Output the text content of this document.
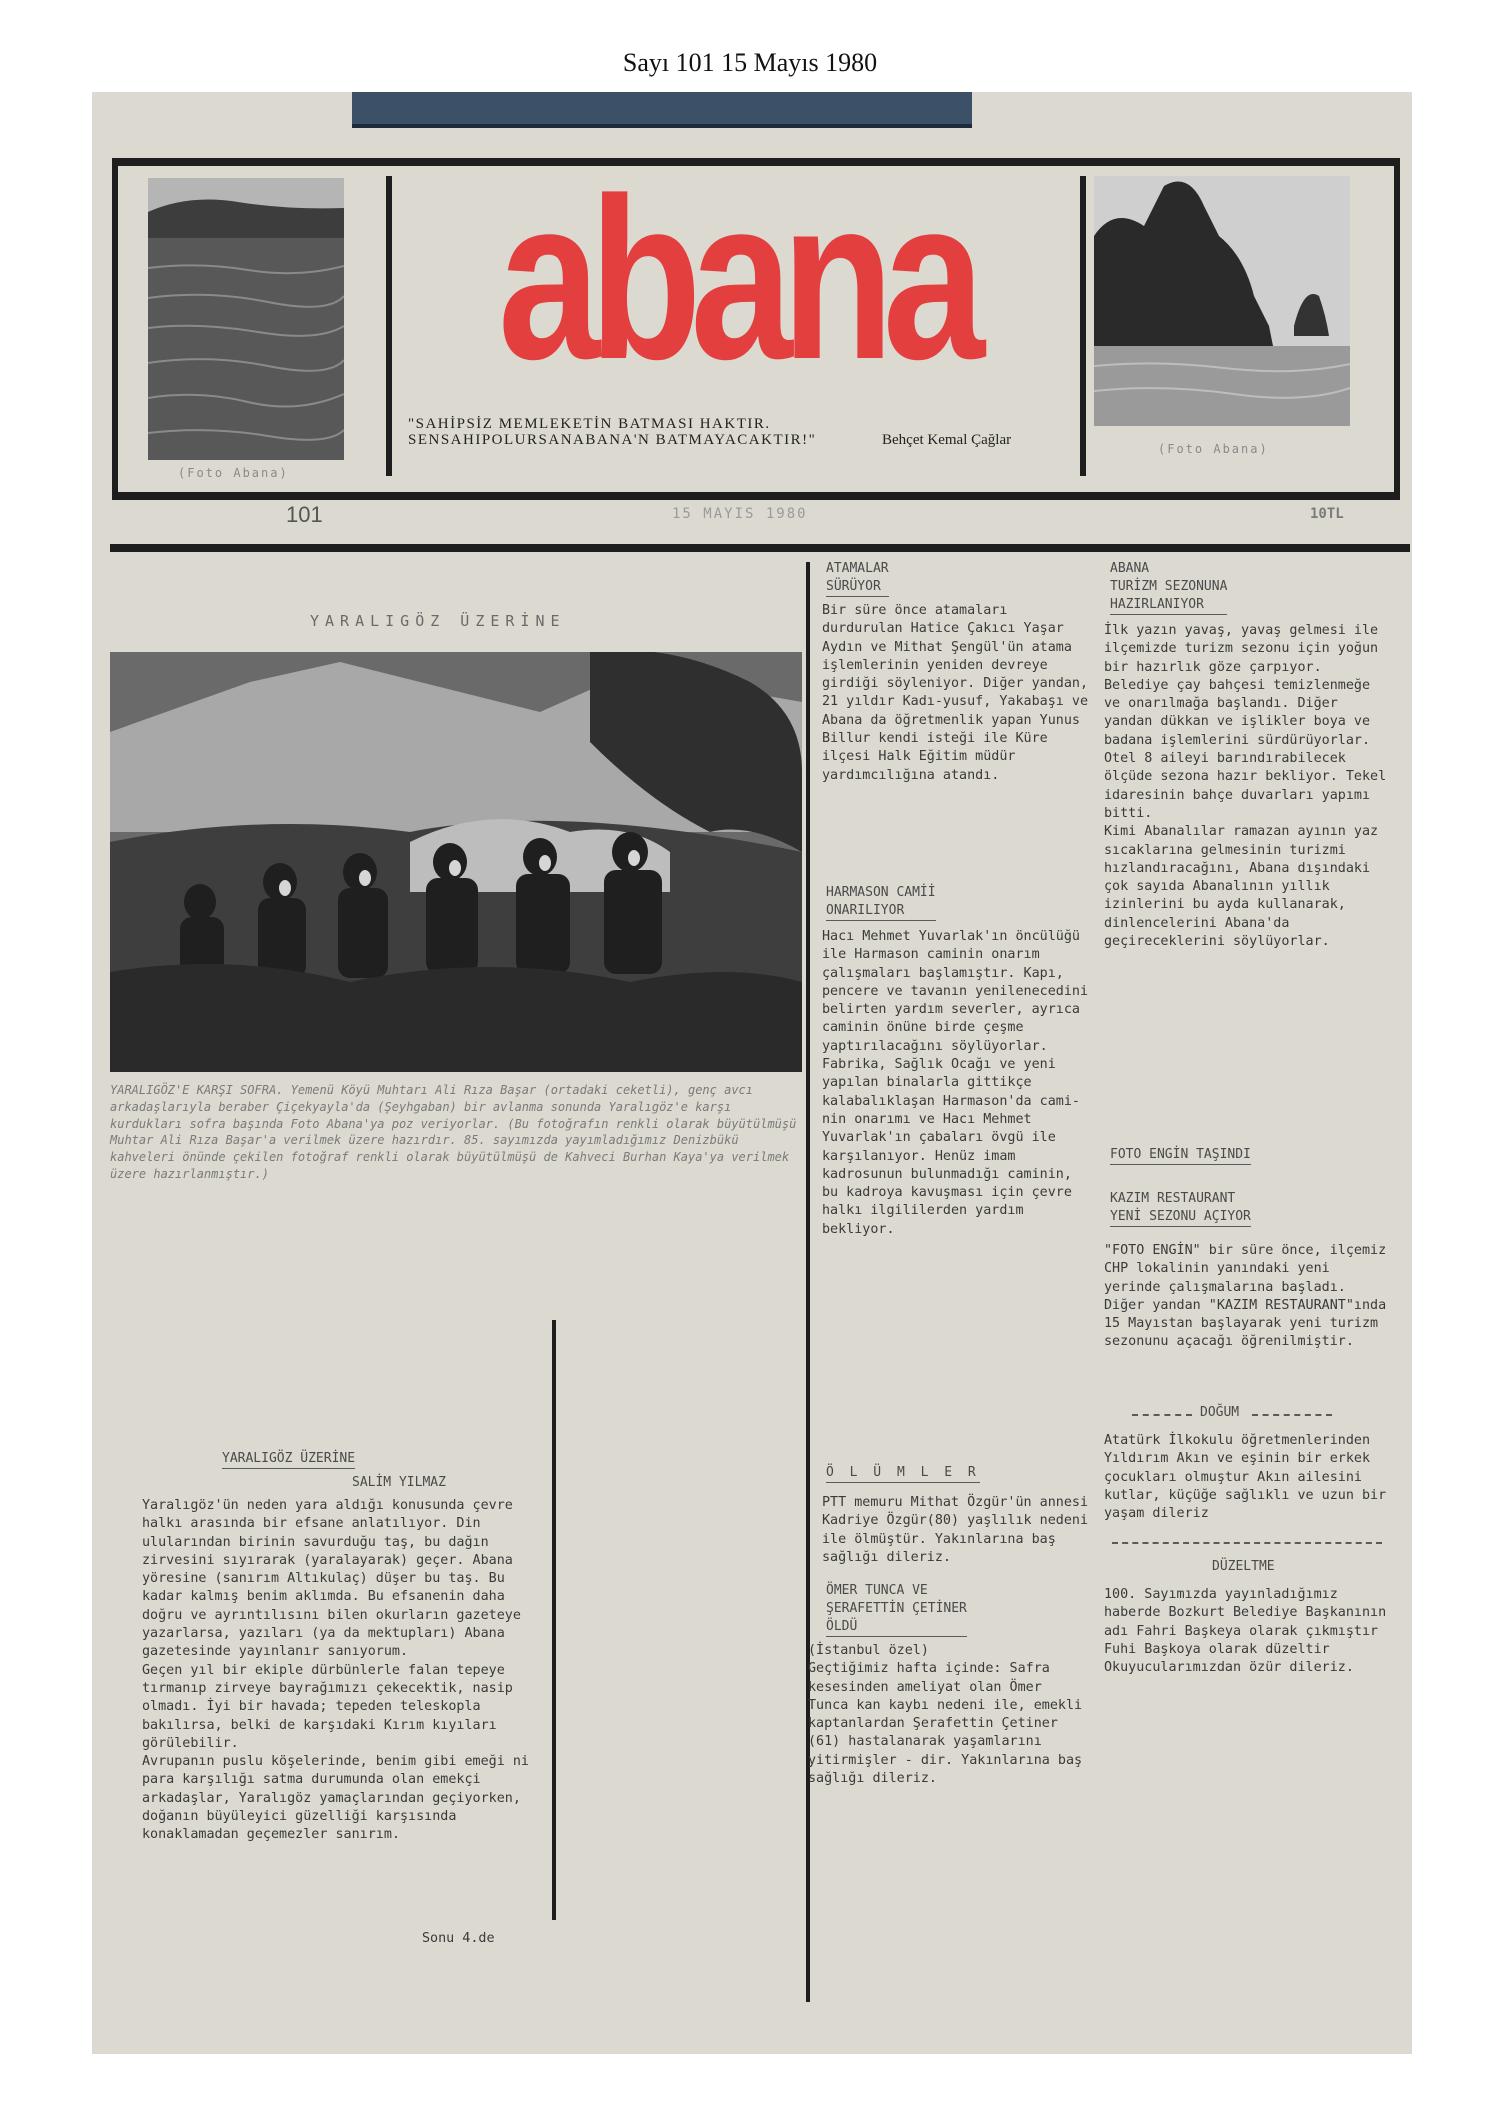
Sayı 101 15 Mayıs 1980
(Foto Abana)
abana
"SAHİPSİZ MEMLEKETİN BATMASI HAKTIR.
SENSAHIPOLURSANABANA'N BATMAYACAKTIR!"	Behçet Kemal Çağlar
(Foto Abana)
101	15 MAYIS 1980	10TL
YARALIGÖZ ÜZERİNE
YARALIGÖZ'E KARŞI SOFRA. Yemenü Köyü Muhtarı Ali Rıza Başar (ortadaki ceketli), genç avcı arkadaşlarıyla beraber Çiçekyayla'da (Şeyhgaban) bir avlanma sonunda Yaralıgöz'e karşı kurdukları sofra başında Foto Abana'ya poz veriyorlar. (Bu fotoğrafın renkli olarak büyütülmüşü Muhtar Ali Rıza Başar'a verilmek üzere hazırdır. 85. sayımızda yayımladığımız Denizbükü kahveleri önünde çekilen fotoğraf renkli olarak büyütülmüşü de Kahveci Burhan Kaya'ya verilmek üzere hazırlanmıştır.)
YARALIGÖZ ÜZERİNE
SALİM YILMAZ
Yaralıgöz'ün neden yara aldığı konusunda çevre halkı arasında bir efsane anlatılıyor. Din ulularından birinin savurduğu taş, bu dağın zirvesini sıyırarak (yaralayarak) geçer. Abana yöresine (sanırım Altıkulaç) düşer bu taş. Bu kadar kalmış benim aklımda. Bu efsanenin daha doğru ve ayrıntılısını bilen okurların gazeteye yazarlarsa, yazıları (ya da mektupları) Abana gazetesinde yayınlanır sanıyorum.
Geçen yıl bir ekiple dürbünlerle falan tepeye tırmanıp zirveye bayrağımızı çekecektik, nasip olmadı. İyi bir havada; tepeden teleskopla bakılırsa, belki de karşıdaki Kırım kıyıları görülebilir.
Avrupanın puslu köşelerinde, benim gibi emeği ni para karşılığı satma durumunda olan emekçi arkadaşlar, Yaralıgöz yamaçlarından geçiyorken, doğanın büyüleyici güzelliği karşısında konaklamadan geçemezler sanırım.
Sonu 4.de
ATAMALAR
SÜRÜYOR
Bir süre önce atamaları durdurulan Hatice Çakıcı Yaşar Aydın ve Mithat Şengül'ün atama işlemlerinin yeniden devreye girdiği söyleniyor. Diğer yandan, 21 yıldır Kadı-yusuf, Yakabaşı ve Abana da öğretmenlik yapan Yunus Billur kendi isteği ile Küre ilçesi Halk Eğitim müdür yardımcılığına atandı.
HARMASON CAMİİ
ONARILIYOR
Hacı Mehmet Yuvarlak'ın öncülüğü ile Harmason caminin onarım çalışmaları başlamıştır. Kapı, pencere ve tavanın yenilenecedini belirten yardım severler, ayrıca caminin önüne birde çeşme yaptırılacağını söylüyorlar.
Fabrika, Sağlık Ocağı ve yeni yapılan binalarla gittikçe kalabalıklaşan Harmason'da cami-nin onarımı ve Hacı Mehmet Yuvarlak'ın çabaları övgü ile karşılanıyor. Henüz imam kadrosunun bulunmadığı caminin, bu kadroya kavuşması için çevre halkı ilgililerden yardım bekliyor.
Ö L Ü M L E R
PTT memuru Mithat Özgür'ün annesi Kadriye Özgür(80) yaşlılık nedeni ile ölmüştür. Yakınlarına baş sağlığı dileriz.
ÖMER TUNCA VE
ŞERAFETTİN ÇETİNER
ÖLDÜ
(İstanbul özel)
Geçtiğimiz hafta içinde: Safra kesesinden ameliyat olan Ömer Tunca kan kaybı nedeni ile, emekli kaptanlardan Şerafettin Çetiner (61) hastalanarak yaşamlarını yitirmişler - dir. Yakınlarına baş sağlığı dileriz.
ABANA
TURİZM SEZONUNA
HAZIRLANIYOR
İlk yazın yavaş, yavaş gelmesi ile ilçemizde turizm sezonu için yoğun bir hazırlık göze çarpıyor. Belediye çay bahçesi temizlenmeğe ve onarılmağa başlandı. Diğer yandan dükkan ve işlikler boya ve badana işlemlerini sürdürüyorlar. Otel 8 aileyi barındırabilecek ölçüde sezona hazır bekliyor. Tekel idaresinin bahçe duvarları yapımı bitti.
Kimi Abanalılar ramazan ayının yaz sıcaklarına gelmesinin turizmi hızlandıracağını, Abana dışındaki çok sayıda Abanalının yıllık izinlerini bu ayda kullanarak, dinlencelerini Abana'da geçireceklerini söylüyorlar.
FOTO ENGİN TAŞINDI
KAZIM RESTAURANT
YENİ SEZONU AÇIYOR
"FOTO ENGİN" bir süre önce, ilçemiz CHP lokalinin yanındaki yeni yerinde çalışmalarına başladı. Diğer yandan "KAZIM RESTAURANT"ında 15 Mayıstan başlayarak yeni turizm sezonunu açacağı öğrenilmiştir.
DOĞUM
Atatürk İlkokulu öğretmenlerinden Yıldırım Akın ve eşinin bir erkek çocukları olmuştur Akın ailesini kutlar, küçüğe sağlıklı ve uzun bir yaşam dileriz
DÜZELTME
100. Sayımızda yayınladığımız haberde Bozkurt Belediye Başkanının adı Fahri Başkeya olarak çıkmıştır Fuhi Başkoya olarak düzeltir Okuyucularımızdan özür dileriz.
